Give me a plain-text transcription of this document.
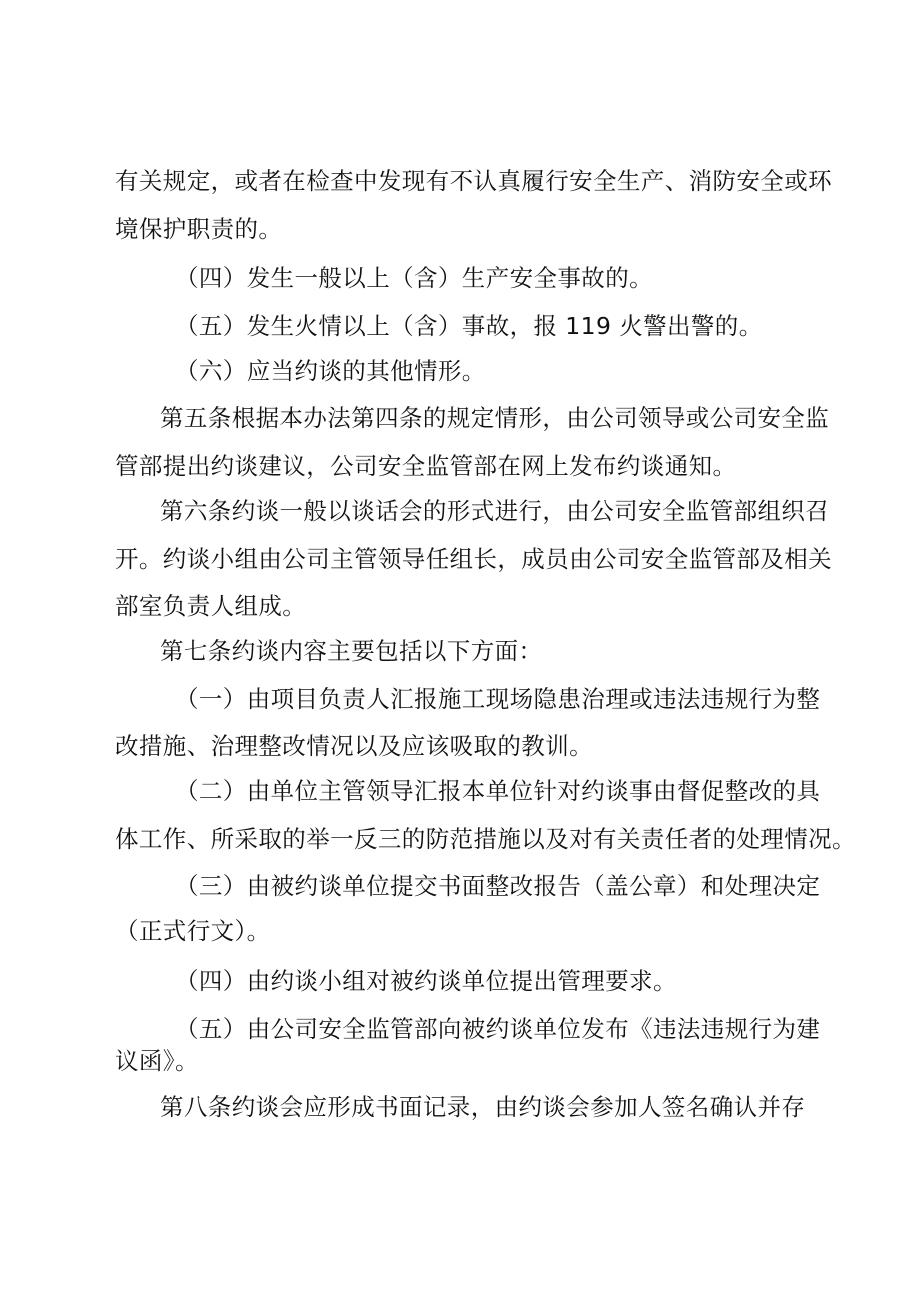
有关规定，或者在检查中发现有不认真履行安全生产、消防安全或环
境保护职责的。
（四）发生一般以上（含）生产安全事故的。
（五）发生火情以上（含）事故，报 119 火警出警的。
（六）应当约谈的其他情形。
第五条根据本办法第四条的规定情形，由公司领导或公司安全监
管部提出约谈建议，公司安全监管部在网上发布约谈通知。
第六条约谈一般以谈话会的形式进行，由公司安全监管部组织召
开。约谈小组由公司主管领导任组长，成员由公司安全监管部及相关
部室负责人组成。
第七条约谈内容主要包括以下方面：
（一）由项目负责人汇报施工现场隐患治理或违法违规行为整
改措施、治理整改情况以及应该吸取的教训。
（二）由单位主管领导汇报本单位针对约谈事由督促整改的具
体工作、所采取的举一反三的防范措施以及对有关责任者的处理情况。
（三）由被约谈单位提交书面整改报告（盖公章）和处理决定
（正式行文）。
（四）由约谈小组对被约谈单位提出管理要求。
（五）由公司安全监管部向被约谈单位发布《违法违规行为建
议函》。
第八条约谈会应形成书面记录，由约谈会参加人签名确认并存
